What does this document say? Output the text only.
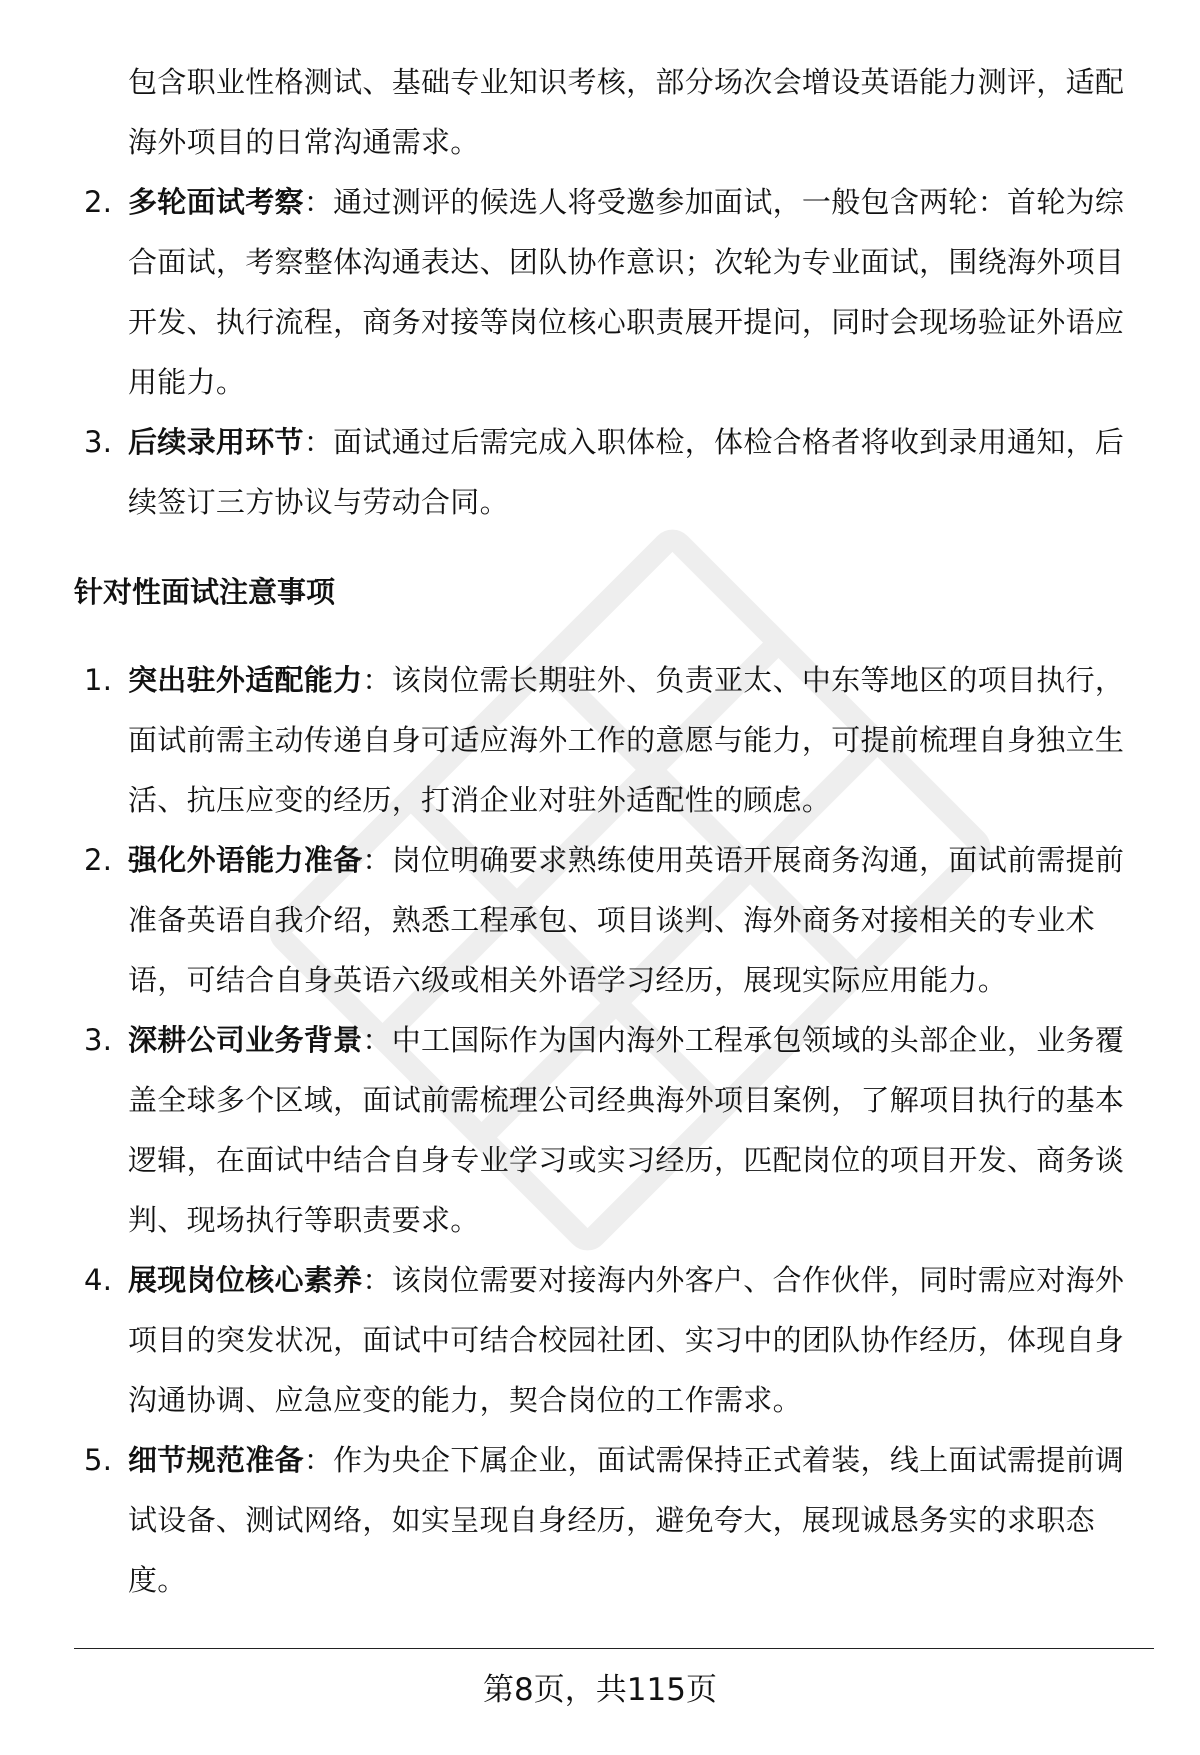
包含职业性格测试、基础专业知识考核，部分场次会增设英语能力测评，适配海外项目的日常沟通需求。
2. 多轮面试考察：通过测评的候选人将受邀参加面试，一般包含两轮：首轮为综合面试，考察整体沟通表达、团队协作意识；次轮为专业面试，围绕海外项目开发、执行流程，商务对接等岗位核心职责展开提问，同时会现场验证外语应用能力。
3. 后续录用环节：面试通过后需完成入职体检，体检合格者将收到录用通知，后续签订三方协议与劳动合同。
针对性面试注意事项
1. 突出驻外适配能力：该岗位需长期驻外、负责亚太、中东等地区的项目执行，面试前需主动传递自身可适应海外工作的意愿与能力，可提前梳理自身独立生活、抗压应变的经历，打消企业对驻外适配性的顾虑。
2. 强化外语能力准备：岗位明确要求熟练使用英语开展商务沟通，面试前需提前准备英语自我介绍，熟悉工程承包、项目谈判、海外商务对接相关的专业术语，可结合自身英语六级或相关外语学习经历，展现实际应用能力。
3. 深耕公司业务背景：中工国际作为国内海外工程承包领域的头部企业，业务覆盖全球多个区域，面试前需梳理公司经典海外项目案例，了解项目执行的基本逻辑，在面试中结合自身专业学习或实习经历，匹配岗位的项目开发、商务谈判、现场执行等职责要求。
4. 展现岗位核心素养：该岗位需要对接海内外客户、合作伙伴，同时需应对海外项目的突发状况，面试中可结合校园社团、实习中的团队协作经历，体现自身沟通协调、应急应变的能力，契合岗位的工作需求。
5. 细节规范准备：作为央企下属企业，面试需保持正式着装，线上面试需提前调试设备、测试网络，如实呈现自身经历，避免夸大，展现诚恳务实的求职态度。
第8页，共115页
